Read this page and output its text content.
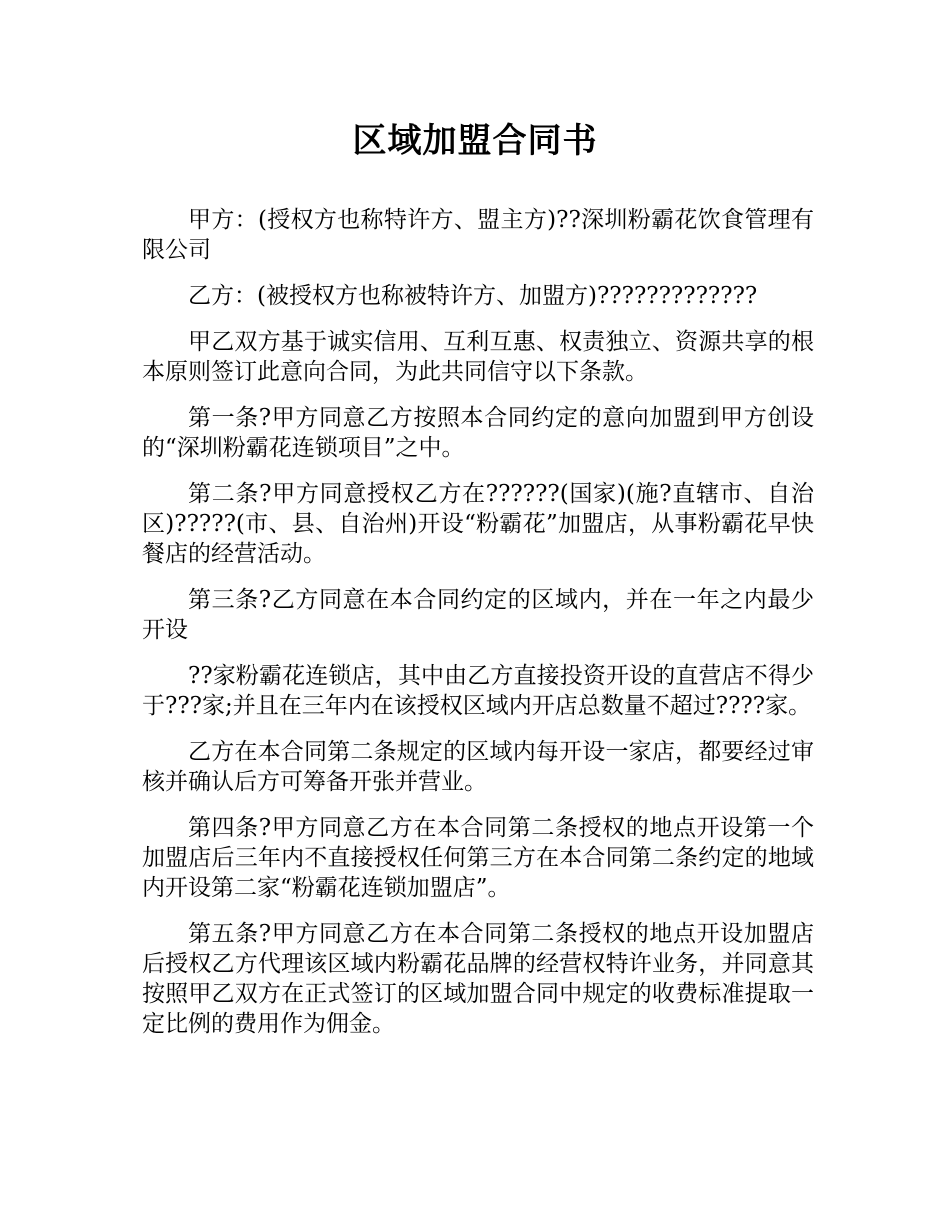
区域加盟合同书

甲方：(授权方也称特许方、盟主方)??深圳粉霸花饮食管理有限公司

乙方：(被授权方也称被特许方、加盟方)?????????????

甲乙双方基于诚实信用、互利互惠、权责独立、资源共享的根本原则签订此意向合同，为此共同信守以下条款。

第一条?甲方同意乙方按照本合同约定的意向加盟到甲方创设的“深圳粉霸花连锁项目”之中。

第二条?甲方同意授权乙方在??????(国家)(施?直辖市、自治区)?????(市、县、自治州)开设“粉霸花”加盟店，从事粉霸花早快餐店的经营活动。

第三条?乙方同意在本合同约定的区域内，并在一年之内最少开设

??家粉霸花连锁店，其中由乙方直接投资开设的直营店不得少于???家;并且在三年内在该授权区域内开店总数量不超过????家。

乙方在本合同第二条规定的区域内每开设一家店，都要经过审核并确认后方可筹备开张并营业。

第四条?甲方同意乙方在本合同第二条授权的地点开设第一个加盟店后三年内不直接授权任何第三方在本合同第二条约定的地域内开设第二家“粉霸花连锁加盟店”。

第五条?甲方同意乙方在本合同第二条授权的地点开设加盟店后授权乙方代理该区域内粉霸花品牌的经营权特许业务，并同意其按照甲乙双方在正式签订的区域加盟合同中规定的收费标准提取一定比例的费用作为佣金。
